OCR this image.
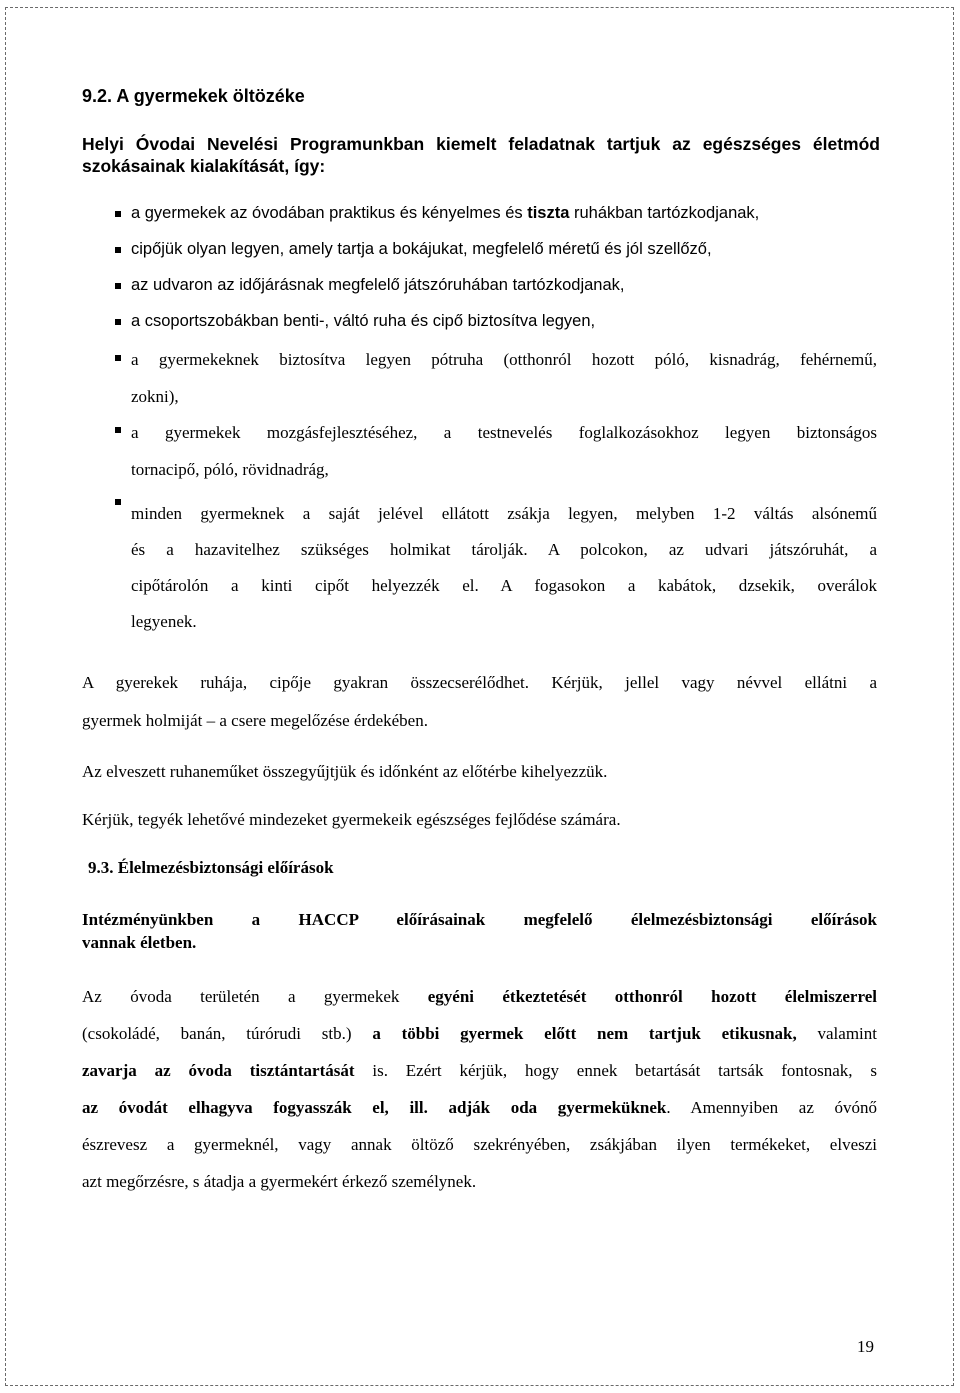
9.2. A gyermekek öltözéke
Helyi Óvodai Nevelési Programunkban kiemelt feladatnak tartjuk az egészséges életmód
szokásainak kialakítását, így:
a gyermekek az óvodában praktikus és kényelmes és tiszta ruhákban tartózkodjanak,
cipőjük olyan legyen, amely tartja a bokájukat, megfelelő méretű és jól szellőző,
az udvaron az időjárásnak megfelelő játszóruhában tartózkodjanak,
a csoportszobákban benti-, váltó ruha és cipő biztosítva legyen,
a gyermekeknek biztosítva legyen pótruha (otthonról hozott póló, kisnadrág, fehérnemű,
zokni),
a gyermekek mozgásfejlesztéséhez, a testnevelés foglalkozásokhoz legyen biztonságos
tornacipő, póló, rövidnadrág,
minden gyermeknek a saját jelével ellátott zsákja legyen, melyben 1-2 váltás alsónemű
és a hazavitelhez szükséges holmikat tárolják. A polcokon, az udvari játszóruhát, a
cipőtárolón a kinti cipőt helyezzék el. A fogasokon a kabátok, dzsekik, overálok
legyenek.
A gyerekek ruhája, cipője gyakran összecserélődhet. Kérjük, jellel vagy névvel ellátni a
gyermek holmiját – a csere megelőzése érdekében.
Az elveszett ruhaneműket összegyűjtjük és időnként az előtérbe kihelyezzük.
Kérjük, tegyék lehetővé mindezeket gyermekeik egészséges fejlődése számára.
9.3. Élelmezésbiztonsági előírások
Intézményünkben a HACCP előírásainak megfelelő élelmezésbiztonsági előírások
vannak életben.
Az óvoda területén a gyermekek egyéni étkeztetését otthonról hozott élelmiszerrel
(csokoládé, banán, túrórudi stb.) a többi gyermek előtt nem tartjuk etikusnak, valamint
zavarja az óvoda tisztántartását is. Ezért kérjük, hogy ennek betartását tartsák fontosnak, s
az óvodát elhagyva fogyasszák el, ill. adják oda gyermeküknek. Amennyiben az óvónő
észrevesz a gyermeknél, vagy annak öltöző szekrényében, zsákjában ilyen termékeket, elveszi
azt megőrzésre, s átadja a gyermekért érkező személynek.
19
